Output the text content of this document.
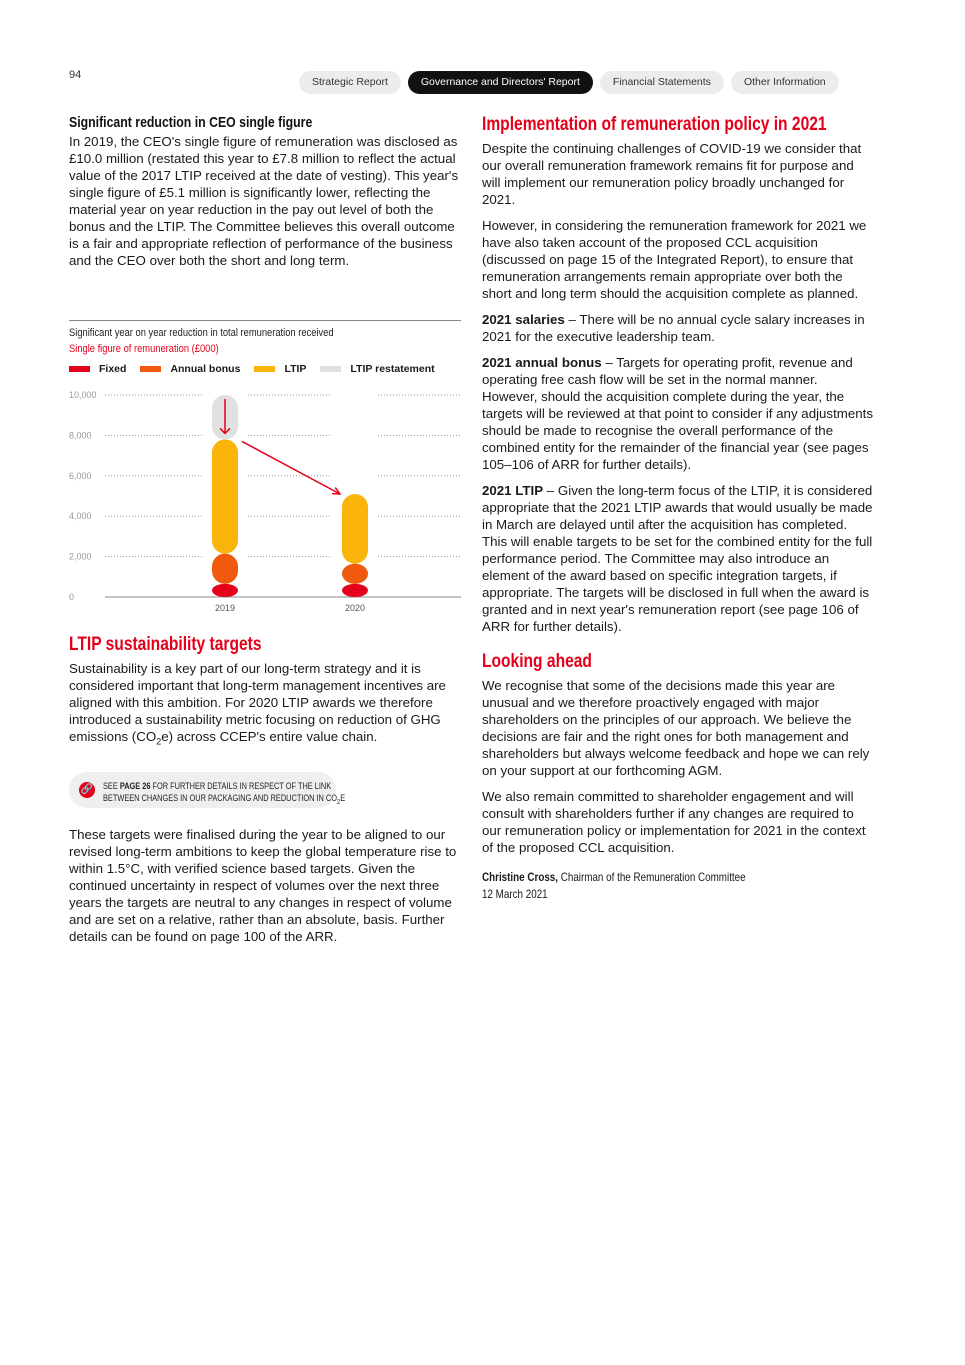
94
Strategic Report	Governance and Directors' Report	Financial Statements	Other Information
Significant reduction in CEO single figure

In 2019, the CEO's single figure of remuneration was disclosed as £10.0 million (restated this year to £7.8 million to reflect the actual value of the 2017 LTIP received at the date of vesting). This year's single figure of £5.1 million is significantly lower, reflecting the material year on year reduction in the pay out level of both the bonus and the LTIP. The Committee believes this overall outcome is a fair and appropriate reflection of performance of the business and the CEO over both the short and long term.

Significant year on year reduction in total remuneration received
Single figure of remuneration (£000)
Fixed	Annual bonus	LTIP	LTIP restatement
0
2,000
4,000
6,000
8,000
10,000
2019	2020
LTIP sustainability targets

Sustainability is a key part of our long-term strategy and it is considered important that long-term management incentives are aligned with this ambition. For 2020 LTIP awards we therefore introduced a sustainability metric focusing on reduction of GHG emissions $(CO_2e)$ across CCEP's entire value chain.

🔗 SEE PAGE 26 FOR FURTHER DETAILS IN RESPECT OF THE LINK
BETWEEN CHANGES IN OUR PACKAGING AND REDUCTION IN $CO_2E$

These targets were finalised during the year to be aligned to our revised long-term ambitions to keep the global temperature rise to within 1.5°C, with verified science based targets. Given the continued uncertainty in respect of volumes over the next three years the targets are neutral to any changes in respect of volume and are set on a relative, rather than an absolute, basis. Further details can be found on page 100 of the ARR.

Implementation of remuneration policy in 2021

Despite the continuing challenges of COVID-19 we consider that our overall remuneration framework remains fit for purpose and will implement our remuneration policy broadly unchanged for 2021.

However, in considering the remuneration framework for 2021 we have also taken account of the proposed CCL acquisition (discussed on page 15 of the Integrated Report), to ensure that remuneration arrangements remain appropriate over both the short and long term should the acquisition complete as planned.

2021 salaries – There will be no annual cycle salary increases in 2021 for the executive leadership team.

2021 annual bonus – Targets for operating profit, revenue and operating free cash flow will be set in the normal manner. However, should the acquisition complete during the year, the targets will be reviewed at that point to consider if any adjustments should be made to recognise the overall performance of the combined entity for the remainder of the financial year (see pages 105–106 of ARR for further details).

2021 LTIP – Given the long-term focus of the LTIP, it is considered appropriate that the 2021 LTIP awards that would usually be made in March are delayed until after the acquisition has completed. This will enable targets to be set for the combined entity for the full performance period. The Committee may also introduce an element of the award based on specific integration targets, if appropriate. The targets will be disclosed in full when the award is granted and in next year's remuneration report (see page 106 of ARR for further details).

Looking ahead

We recognise that some of the decisions made this year are unusual and we therefore proactively engaged with major shareholders on the principles of our approach. We believe the decisions are fair and the right ones for both management and shareholders but always welcome feedback and hope we can rely on your support at our forthcoming AGM.

We also remain committed to shareholder engagement and will consult with shareholders further if any changes are required to our remuneration policy or implementation for 2021 in the context of the proposed CCL acquisition.

Christine Cross, Chairman of the Remuneration Committee
12 March 2021
